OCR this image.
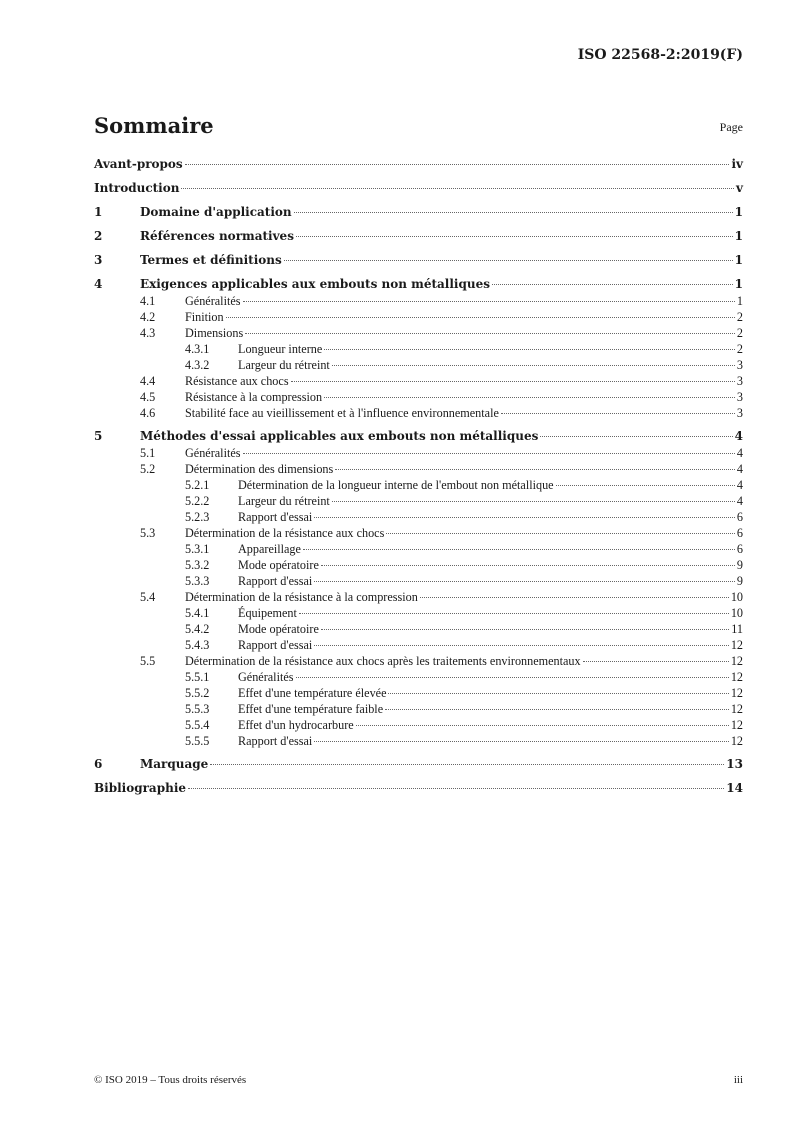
ISO 22568-2:2019(F)
Sommaire	Page
Avant-propos	iv
Introduction	v
1	Domaine d'application	1
2	Références normatives	1
3	Termes et définitions	1
4	Exigences applicables aux embouts non métalliques	1
4.1	Généralités	1
4.2	Finition	2
4.3	Dimensions	2
4.3.1	Longueur interne	2
4.3.2	Largeur du rétreint	3
4.4	Résistance aux chocs	3
4.5	Résistance à la compression	3
4.6	Stabilité face au vieillissement et à l'influence environnementale	3
5	Méthodes d'essai applicables aux embouts non métalliques	4
5.1	Généralités	4
5.2	Détermination des dimensions	4
5.2.1	Détermination de la longueur interne de l'embout non métallique	4
5.2.2	Largeur du rétreint	4
5.2.3	Rapport d'essai	6
5.3	Détermination de la résistance aux chocs	6
5.3.1	Appareillage	6
5.3.2	Mode opératoire	9
5.3.3	Rapport d'essai	9
5.4	Détermination de la résistance à la compression	10
5.4.1	Équipement	10
5.4.2	Mode opératoire	11
5.4.3	Rapport d'essai	12
5.5	Détermination de la résistance aux chocs après les traitements environnementaux	12
5.5.1	Généralités	12
5.5.2	Effet d'une température élevée	12
5.5.3	Effet d'une température faible	12
5.5.4	Effet d'un hydrocarbure	12
5.5.5	Rapport d'essai	12
6	Marquage	13
Bibliographie	14
© ISO 2019 – Tous droits réservés	iii
